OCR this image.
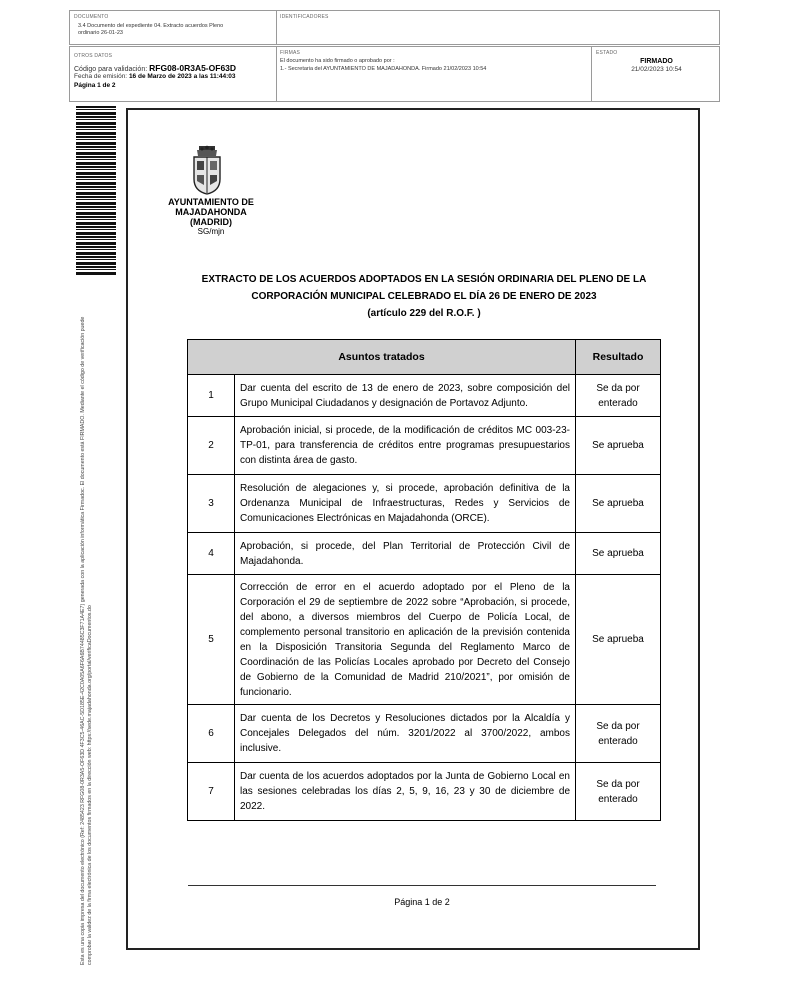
DOCUMENTO
3.4 Documento del expediente 04. Extracto acuerdos Pleno ordinario 26-01-23
IDENTIFICADORES
OTROS DATOS
Código para validación: RFG08-0R3A5-OF63D
Fecha de emisión: 16 de Marzo de 2023 a las 11:44:03
Página 1 de 2
FIRMAS
El documento ha sido firmado o aprobado por :
1.- Secretaria del AYUNTAMIENTO DE MAJADAHONDA. Firmado 21/02/2023 10:54
ESTADO
FIRMADO
21/02/2023 10:54
Esta es una copia impresa del documento electrónico (Ref: 2485423 RFG08-0R3A5-OF63D 4F3C5-46AC-5D185E-42C0A05A6F6A6B74485C3F71A4E7) generada con la aplicación informática Firmadoc. El documento está FIRMADO. Mediante el código de verificación puede comprobar la validez de la firma electrónica de los documentos firmados en la dirección web: https://sede.majadahonda.org/portal/verificaDocumentos.do
AYUNTAMIENTO DE
MAJADAHONDA
(MADRID)
SG/mjn
EXTRACTO DE LOS ACUERDOS ADOPTADOS EN LA SESIÓN ORDINARIA DEL PLENO DE LA
CORPORACIÓN MUNICIPAL CELEBRADO EL DÍA 26 DE ENERO DE 2023
(artículo 229 del R.O.F. )
Asuntos tratados		Resultado
1	Dar cuenta del escrito de 13 de enero de 2023, sobre composición del Grupo Municipal Ciudadanos y designación de Portavoz Adjunto.	Se da por enterado
2	Aprobación inicial, si procede, de la modificación de créditos MC 003-23-TP-01, para transferencia de créditos entre programas presupuestarios con distinta área de gasto.	Se aprueba
3	Resolución de alegaciones y, si procede, aprobación definitiva de la Ordenanza Municipal de Infraestructuras, Redes y Servicios de Comunicaciones Electrónicas en Majadahonda (ORCE).	Se aprueba
4	Aprobación, si procede, del Plan Territorial de Protección Civil de Majadahonda.	Se aprueba
5	Corrección de error en el acuerdo adoptado por el Pleno de la Corporación el 29 de septiembre de 2022 sobre “Aprobación, si procede, del abono, a diversos miembros del Cuerpo de Policía Local, de complemento personal transitorio en aplicación de la previsión contenida en la Disposición Transitoria Segunda del Reglamento Marco de Coordinación de las Policías Locales aprobado por Decreto del Consejo de Gobierno de la Comunidad de Madrid 210/2021”, por omisión de funcionario.	Se aprueba
6	Dar cuenta de los Decretos y Resoluciones dictados por la Alcaldía y Concejales Delegados del núm. 3201/2022 al 3700/2022, ambos inclusive.	Se da por enterado
7	Dar cuenta de los acuerdos adoptados por la Junta de Gobierno Local en las sesiones celebradas los días 2, 5, 9, 16, 23 y 30 de diciembre de 2022.	Se da por enterado
Página 1 de 2
